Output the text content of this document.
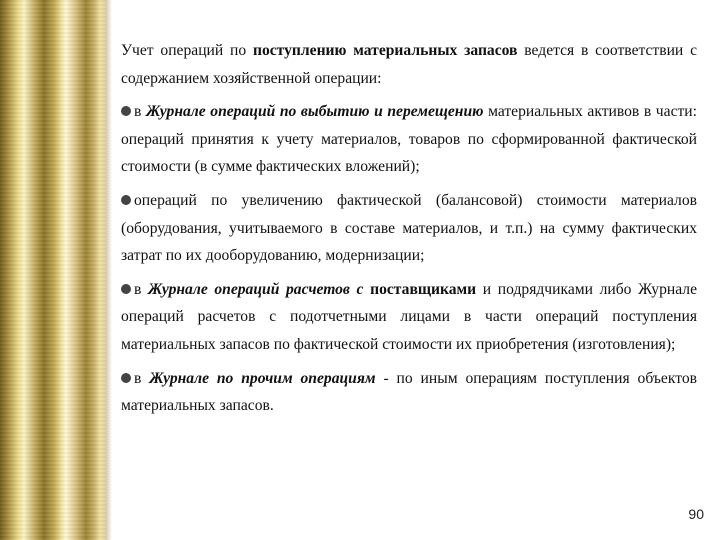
Учет операций по поступлению материальных запасов ведется в соответствии с содержанием хозяйственной операции:

в Журнале операций по выбытию и перемещению материальных активов в части: операций принятия к учету материалов, товаров по сформированной фактической стоимости (в сумме фактических вложений);

операций по увеличению фактической (балансовой) стоимости материалов (оборудования, учитываемого в составе материалов, и т.п.) на сумму фактических затрат по их дооборудованию, модернизации;

в Журнале операций расчетов с поставщиками и подрядчиками либо Журнале операций расчетов с подотчетными лицами в части операций поступления материальных запасов по фактической стоимости их приобретения (изготовления);

в Журнале по прочим операциям - по иным операциям поступления объектов материальных запасов.

90
